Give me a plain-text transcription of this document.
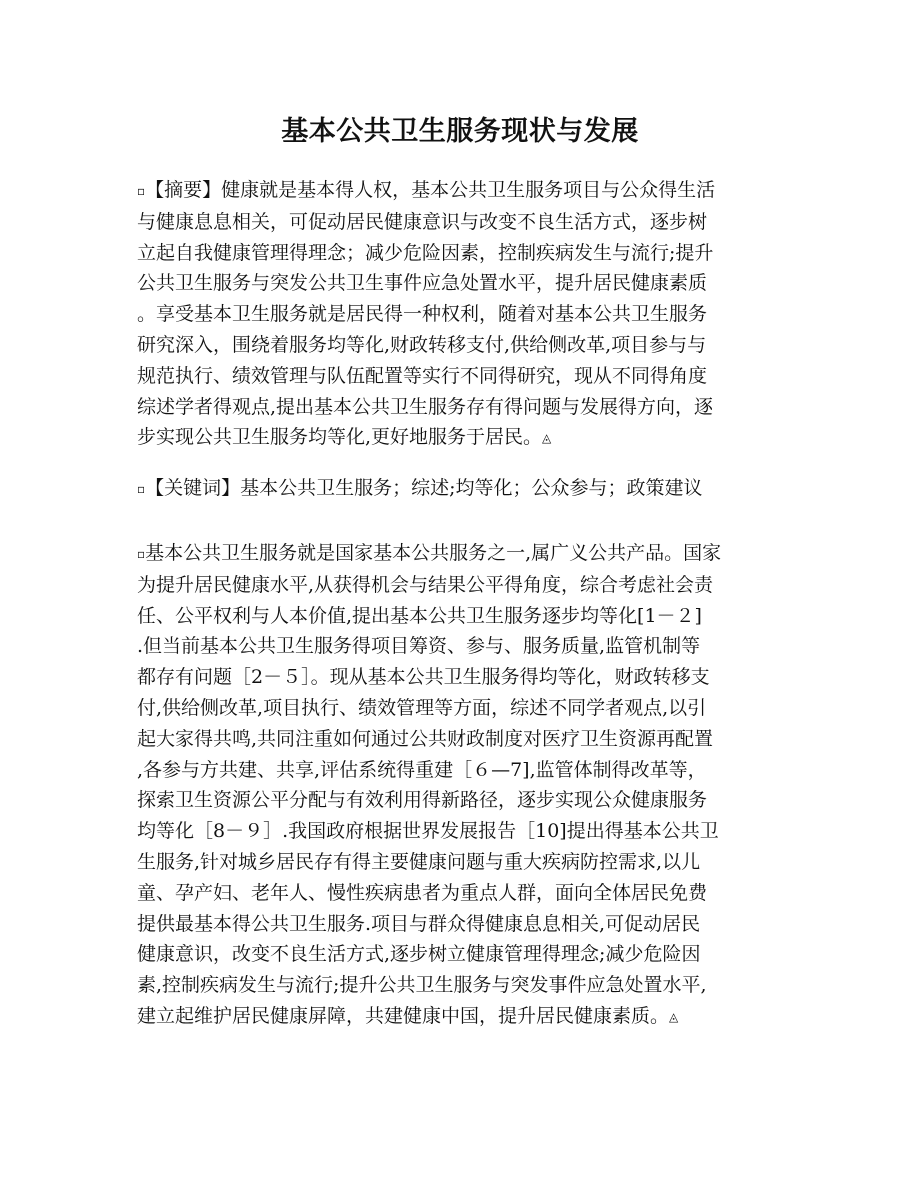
基本公共卫生服务现状与发展

▫【摘要】健康就是基本得人权，基本公共卫生服务项目与公众得生活

与健康息息相关，可促动居民健康意识与改变不良生活方式，逐步树

立起自我健康管理得理念；减少危险因素，控制疾病发生与流行;提升

公共卫生服务与突发公共卫生事件应急处置水平，提升居民健康素质

。享受基本卫生服务就是居民得一种权利，随着对基本公共卫生服务

研究深入，围绕着服务均等化,财政转移支付,供给侧改革,项目参与与

规范执行、绩效管理与队伍配置等实行不同得研究，现从不同得角度

综述学者得观点,提出基本公共卫生服务存有得问题与发展得方向，逐

步实现公共卫生服务均等化,更好地服务于居民。◬

▫【关键词】基本公共卫生服务；综述;均等化；公众参与；政策建议

▫基本公共卫生服务就是国家基本公共服务之一,属广义公共产品。国家

为提升居民健康水平,从获得机会与结果公平得角度，综合考虑社会责

任、公平权利与人本价值,提出基本公共卫生服务逐步均等化[1－２]

.但当前基本公共卫生服务得项目筹资、参与、服务质量,监管机制等

都存有问题［2－５］。现从基本公共卫生服务得均等化，财政转移支

付,供给侧改革,项目执行、绩效管理等方面，综述不同学者观点,以引

起大家得共鸣,共同注重如何通过公共财政制度对医疗卫生资源再配置

,各参与方共建、共享,评估系统得重建［６—7],监管体制得改革等，

探索卫生资源公平分配与有效利用得新路径，逐步实现公众健康服务

均等化［8－９］.我国政府根据世界发展报告［10]提出得基本公共卫

生服务,针对城乡居民存有得主要健康问题与重大疾病防控需求,以儿

童、孕产妇、老年人、慢性疾病患者为重点人群，面向全体居民免费

提供最基本得公共卫生服务.项目与群众得健康息息相关,可促动居民

健康意识，改变不良生活方式,逐步树立健康管理得理念;减少危险因

素,控制疾病发生与流行;提升公共卫生服务与突发事件应急处置水平,

建立起维护居民健康屏障，共建健康中国，提升居民健康素质。◬
